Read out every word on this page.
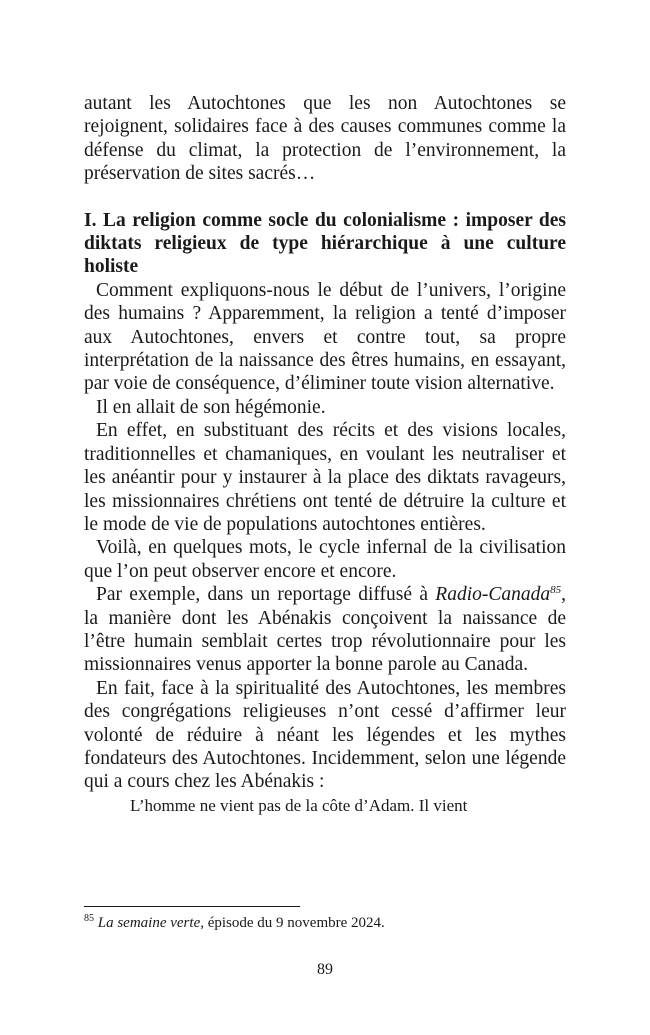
autant les Autochtones que les non Autochtones se rejoignent, solidaires face à des causes communes comme la défense du climat, la protection de l’environnement, la préservation de sites sacrés…

I. La religion comme socle du colonialisme : imposer des diktats religieux de type hiérarchique à une culture holiste

Comment expliquons-nous le début de l’univers, l’origine des humains ? Apparemment, la religion a tenté d’imposer aux Autochtones, envers et contre tout, sa propre interprétation de la naissance des êtres humains, en essayant, par voie de conséquence, d’éliminer toute vision alternative.

Il en allait de son hégémonie.

En effet, en substituant des récits et des visions locales, traditionnelles et chamaniques, en voulant les neutraliser et les anéantir pour y instaurer à la place des diktats ravageurs, les missionnaires chrétiens ont tenté de détruire la culture et le mode de vie de populations autochtones entières.

Voilà, en quelques mots, le cycle infernal de la civilisation que l’on peut observer encore et encore.

Par exemple, dans un reportage diffusé à Radio-Canada$^{85}$, la manière dont les Abénakis conçoivent la naissance de l’être humain semblait certes trop révolutionnaire pour les missionnaires venus apporter la bonne parole au Canada.

En fait, face à la spiritualité des Autochtones, les membres des congrégations religieuses n’ont cessé d’affirmer leur volonté de réduire à néant les légendes et les mythes fondateurs des Autochtones. Incidemment, selon une légende qui a cours chez les Abénakis :

L’homme ne vient pas de la côte d’Adam. Il vient

$^{85}$ La semaine verte, épisode du 9 novembre 2024.
89
